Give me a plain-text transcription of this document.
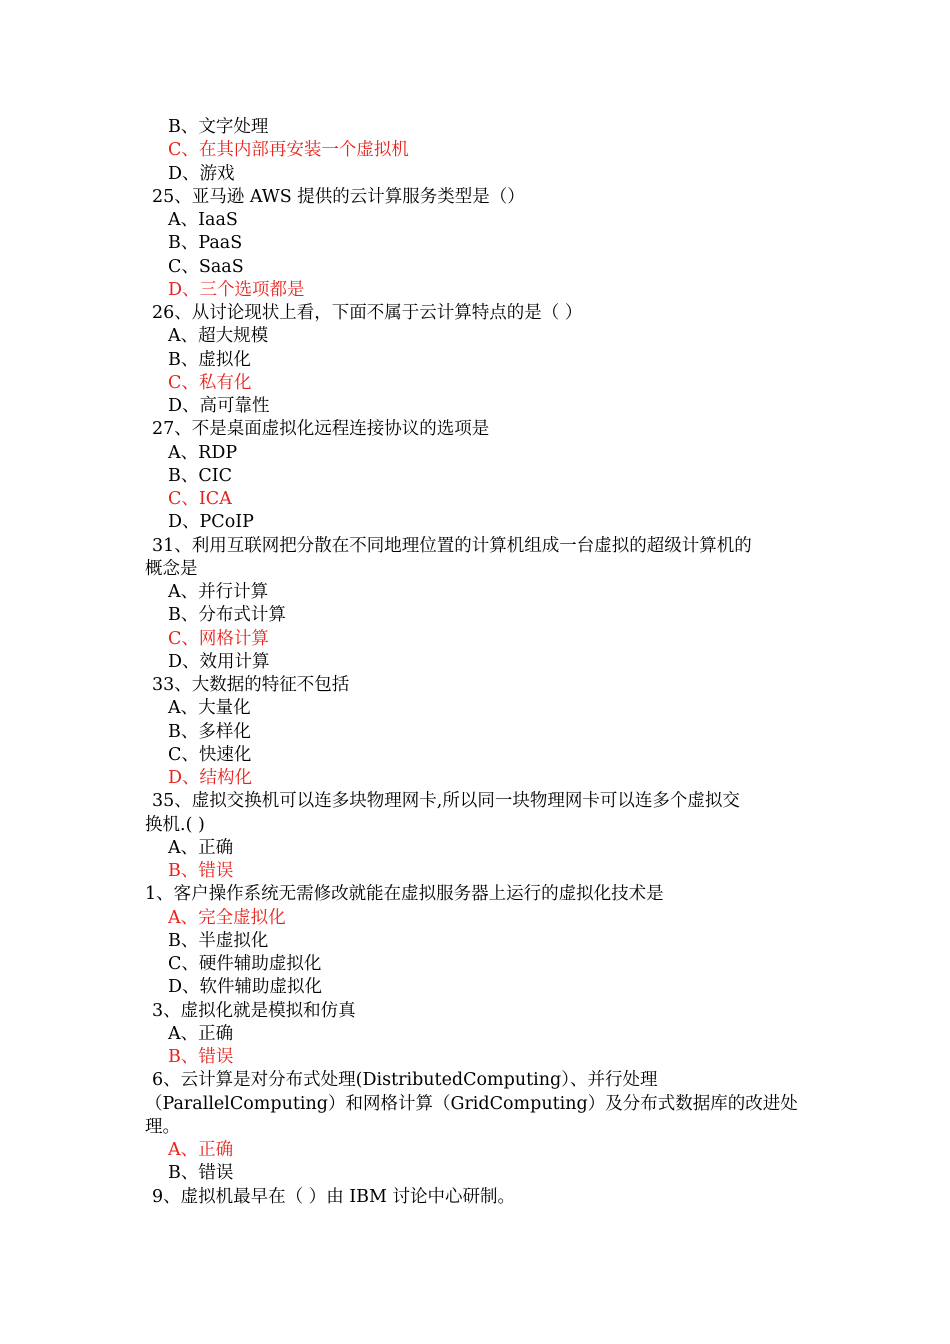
B、文字处理
C、在其内部再安装一个虚拟机
D、游戏
25、亚马逊 AWS 提供的云计算服务类型是（）
A、IaaS
B、PaaS
C、SaaS
D、三个选项都是
26、从讨论现状上看，下面不属于云计算特点的是（ ）
A、超大规模
B、虚拟化
C、私有化
D、高可靠性
27、不是桌面虚拟化远程连接协议的选项是
A、RDP
B、CIC
C、ICA
D、PCoIP
31、利用互联网把分散在不同地理位置的计算机组成一台虚拟的超级计算机的
概念是
A、并行计算
B、分布式计算
C、网格计算
D、效用计算
33、大数据的特征不包括
A、大量化
B、多样化
C、快速化
D、结构化
35、虚拟交换机可以连多块物理网卡,所以同一块物理网卡可以连多个虚拟交
换机.( )
A、正确
B、错误
1、客户操作系统无需修改就能在虚拟服务器上运行的虚拟化技术是
A、完全虚拟化
B、半虚拟化
C、硬件辅助虚拟化
D、软件辅助虚拟化
3、虚拟化就是模拟和仿真
A、正确
B、错误
6、云计算是对分布式处理(DistributedComputing）、并行处理
（ParallelComputing）和网格计算（GridComputing）及分布式数据库的改进处
理。
A、正确
B、错误
9、虚拟机最早在（ ）由 IBM 讨论中心研制。
